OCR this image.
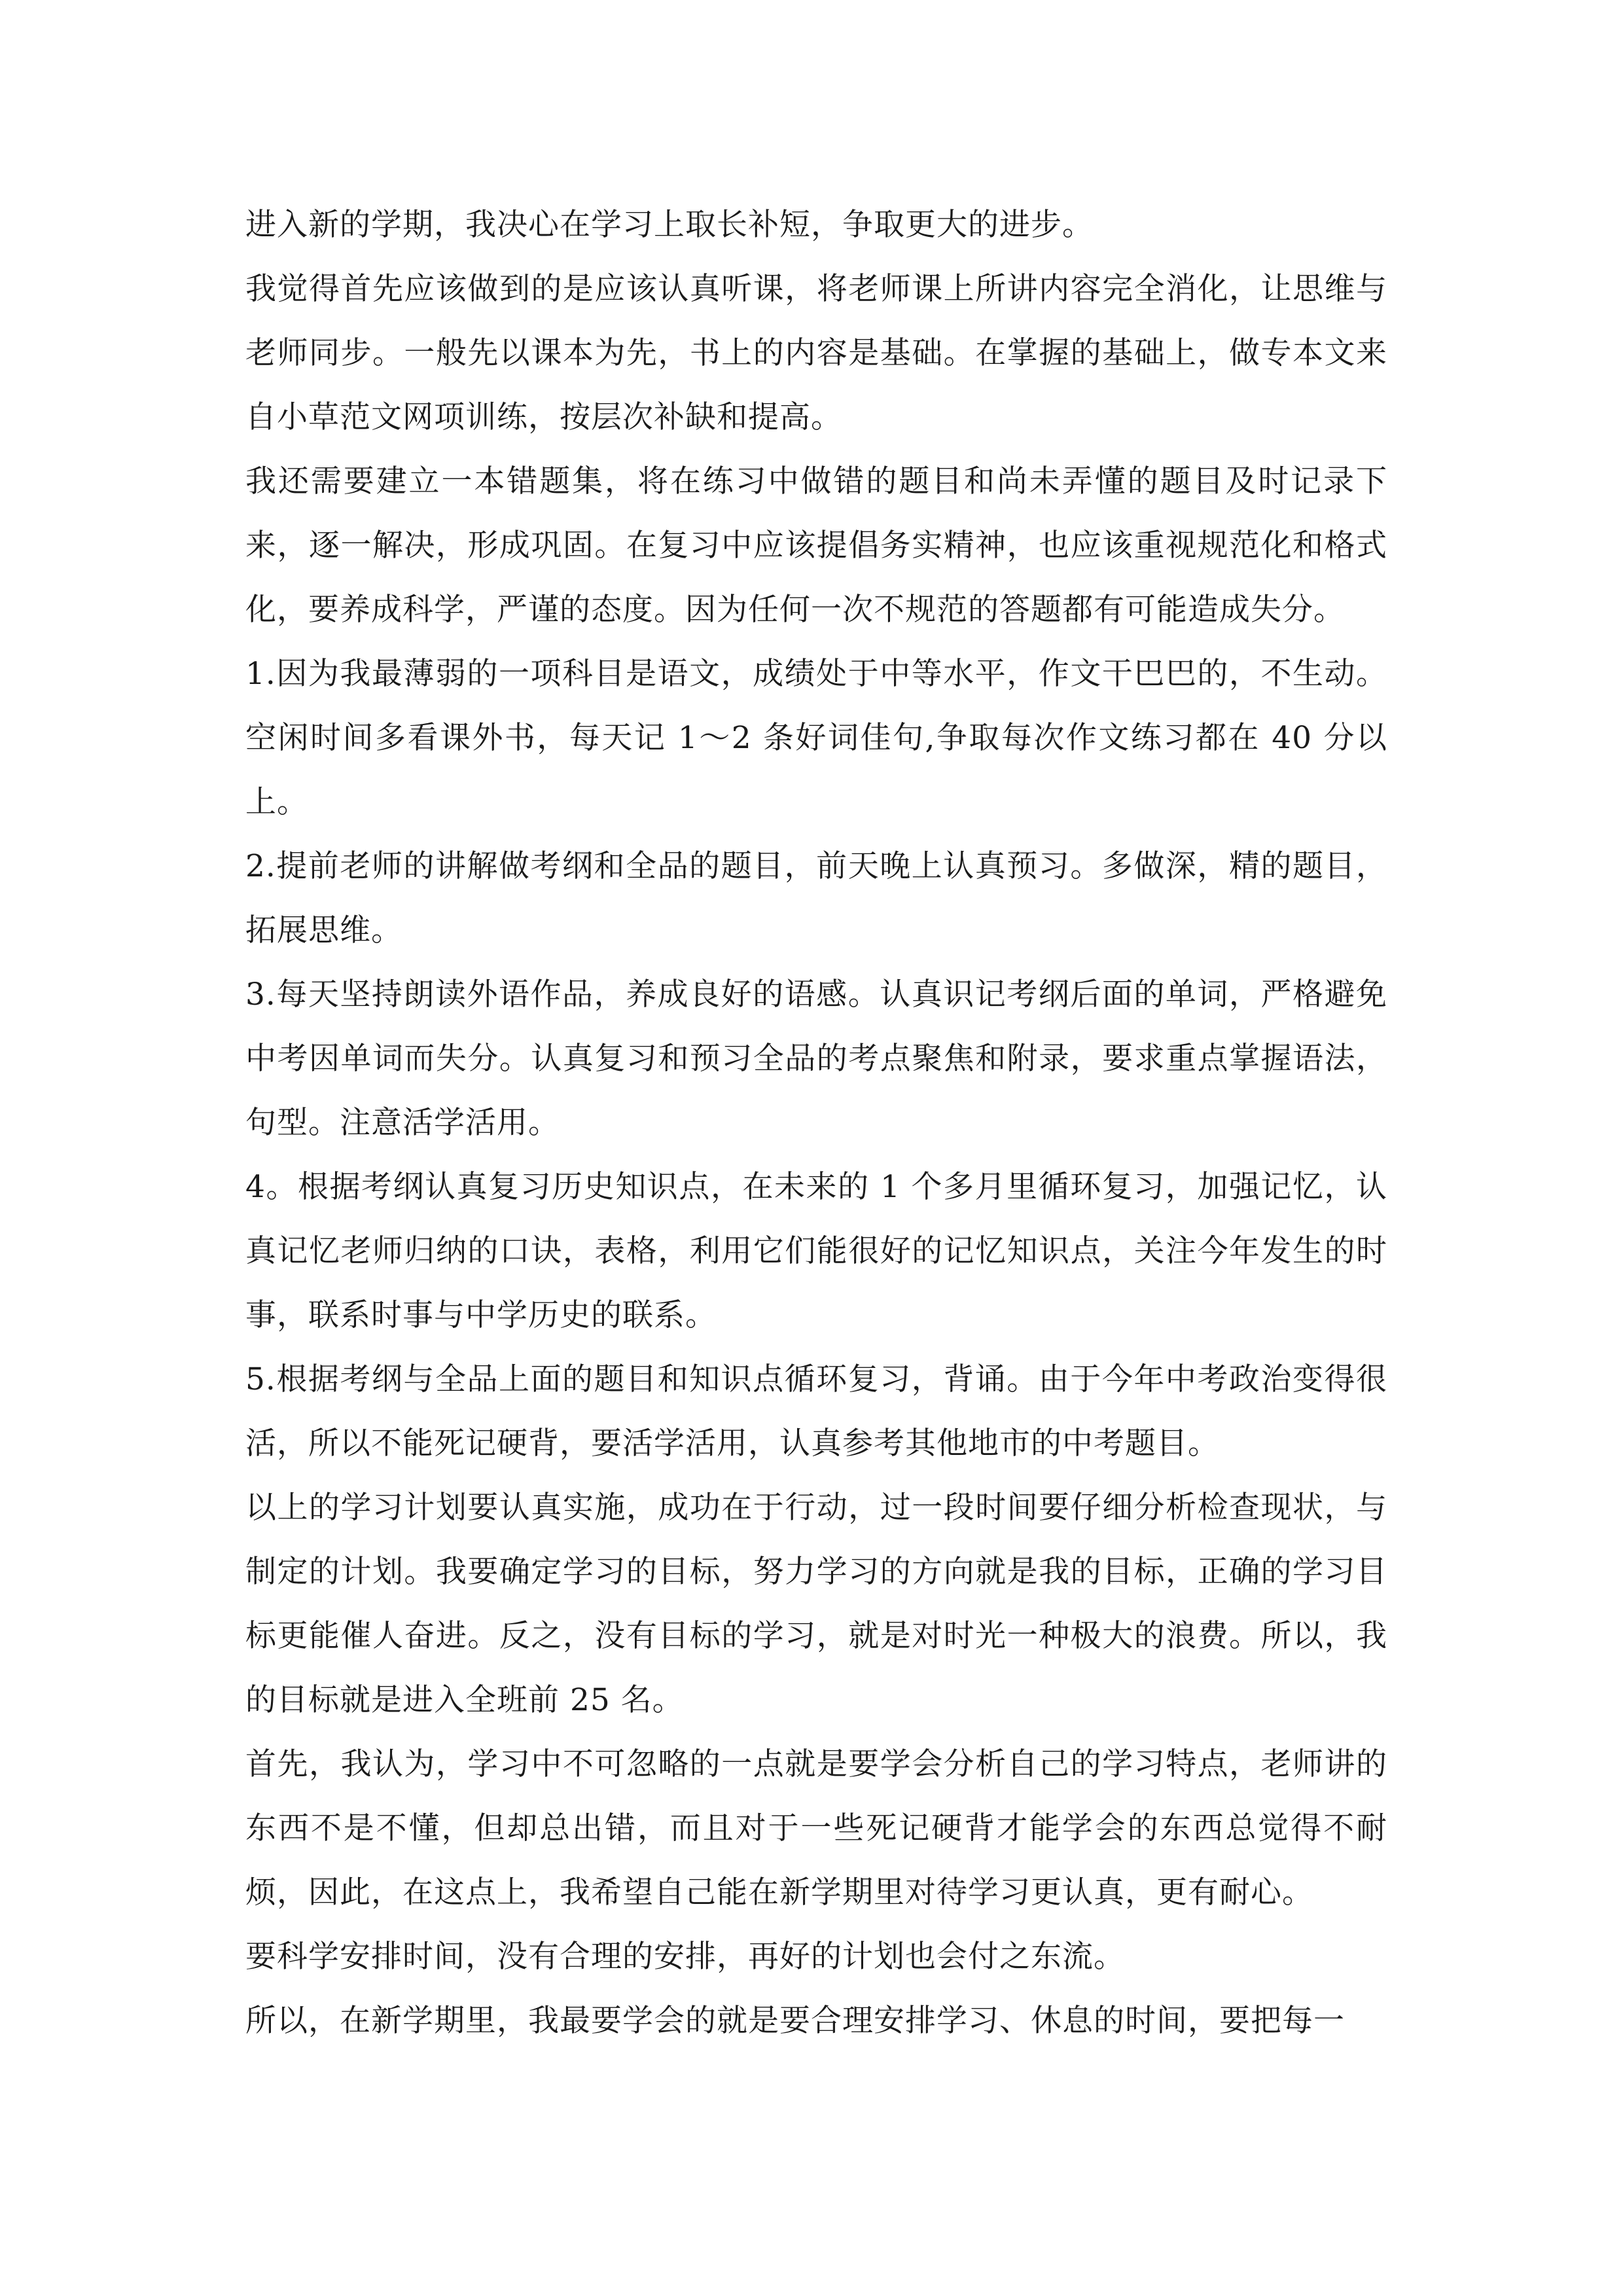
进入新的学期，我决心在学习上取长补短，争取更大的进步。

我觉得首先应该做到的是应该认真听课，将老师课上所讲内容完全消化，让思维与老师同步。一般先以课本为先，书上的内容是基础。在掌握的基础上，做专本文来自小草范文网项训练，按层次补缺和提高。

我还需要建立一本错题集，将在练习中做错的题目和尚未弄懂的题目及时记录下来，逐一解决，形成巩固。在复习中应该提倡务实精神，也应该重视规范化和格式化，要养成科学，严谨的态度。因为任何一次不规范的答题都有可能造成失分。

1.因为我最薄弱的一项科目是语文，成绩处于中等水平，作文干巴巴的，不生动。空闲时间多看课外书，每天记 1～2 条好词佳句,争取每次作文练习都在 40 分以上。

2.提前老师的讲解做考纲和全品的题目，前天晚上认真预习。多做深，精的题目，拓展思维。

3.每天坚持朗读外语作品，养成良好的语感。认真识记考纲后面的单词，严格避免中考因单词而失分。认真复习和预习全品的考点聚焦和附录，要求重点掌握语法，句型。注意活学活用。

4。根据考纲认真复习历史知识点，在未来的 1 个多月里循环复习，加强记忆，认真记忆老师归纳的口诀，表格，利用它们能很好的记忆知识点，关注今年发生的时事，联系时事与中学历史的联系。

5.根据考纲与全品上面的题目和知识点循环复习，背诵。由于今年中考政治变得很活，所以不能死记硬背，要活学活用，认真参考其他地市的中考题目。

以上的学习计划要认真实施，成功在于行动，过一段时间要仔细分析检查现状，与制定的计划。我要确定学习的目标，努力学习的方向就是我的目标，正确的学习目标更能催人奋进。反之，没有目标的学习，就是对时光一种极大的浪费。所以，我的目标就是进入全班前 25 名。

首先，我认为，学习中不可忽略的一点就是要学会分析自己的学习特点，老师讲的东西不是不懂，但却总出错，而且对于一些死记硬背才能学会的东西总觉得不耐烦，因此，在这点上，我希望自己能在新学期里对待学习更认真，更有耐心。

要科学安排时间，没有合理的安排，再好的计划也会付之东流。

所以，在新学期里，我最要学会的就是要合理安排学习、休息的时间，要把每一
